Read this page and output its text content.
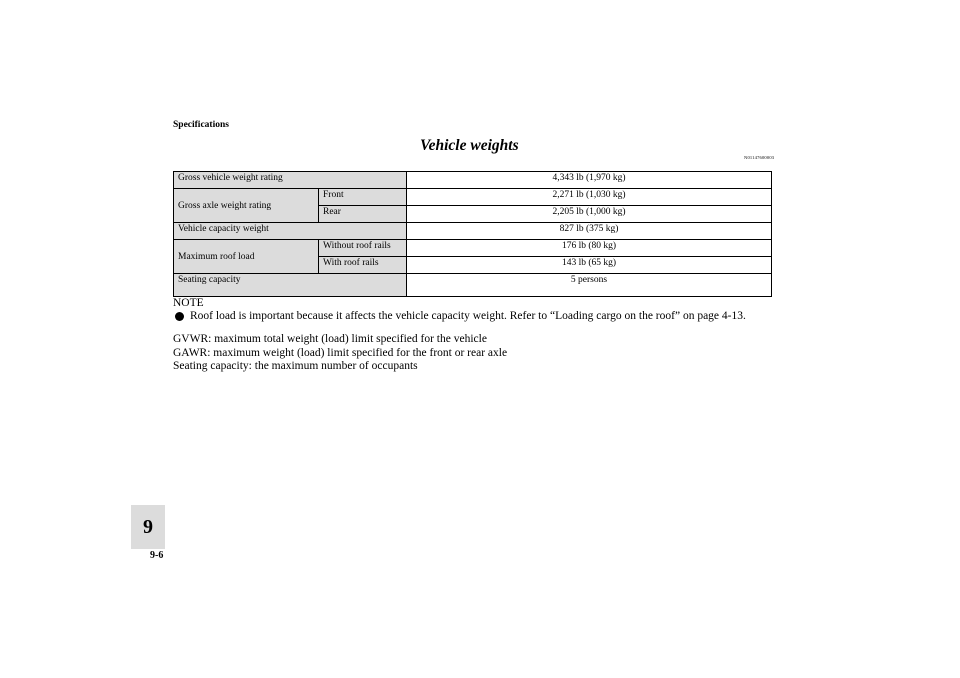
Specifications
Vehicle weights
N01147600003
Gross vehicle weight rating		4,343 lb (1,970 kg)
Gross axle weight rating	Front	2,271 lb (1,030 kg)
	Rear	2,205 lb (1,000 kg)
Vehicle capacity weight		827 lb (375 kg)
Maximum roof load	Without roof rails	176 lb (80 kg)
	With roof rails	143 lb (65 kg)
Seating capacity		5 persons
NOTE
Roof load is important because it affects the vehicle capacity weight. Refer to “Loading cargo on the roof” on page 4-13.
GVWR: maximum total weight (load) limit specified for the vehicle
GAWR: maximum weight (load) limit specified for the front or rear axle
Seating capacity: the maximum number of occupants
9
9-6
